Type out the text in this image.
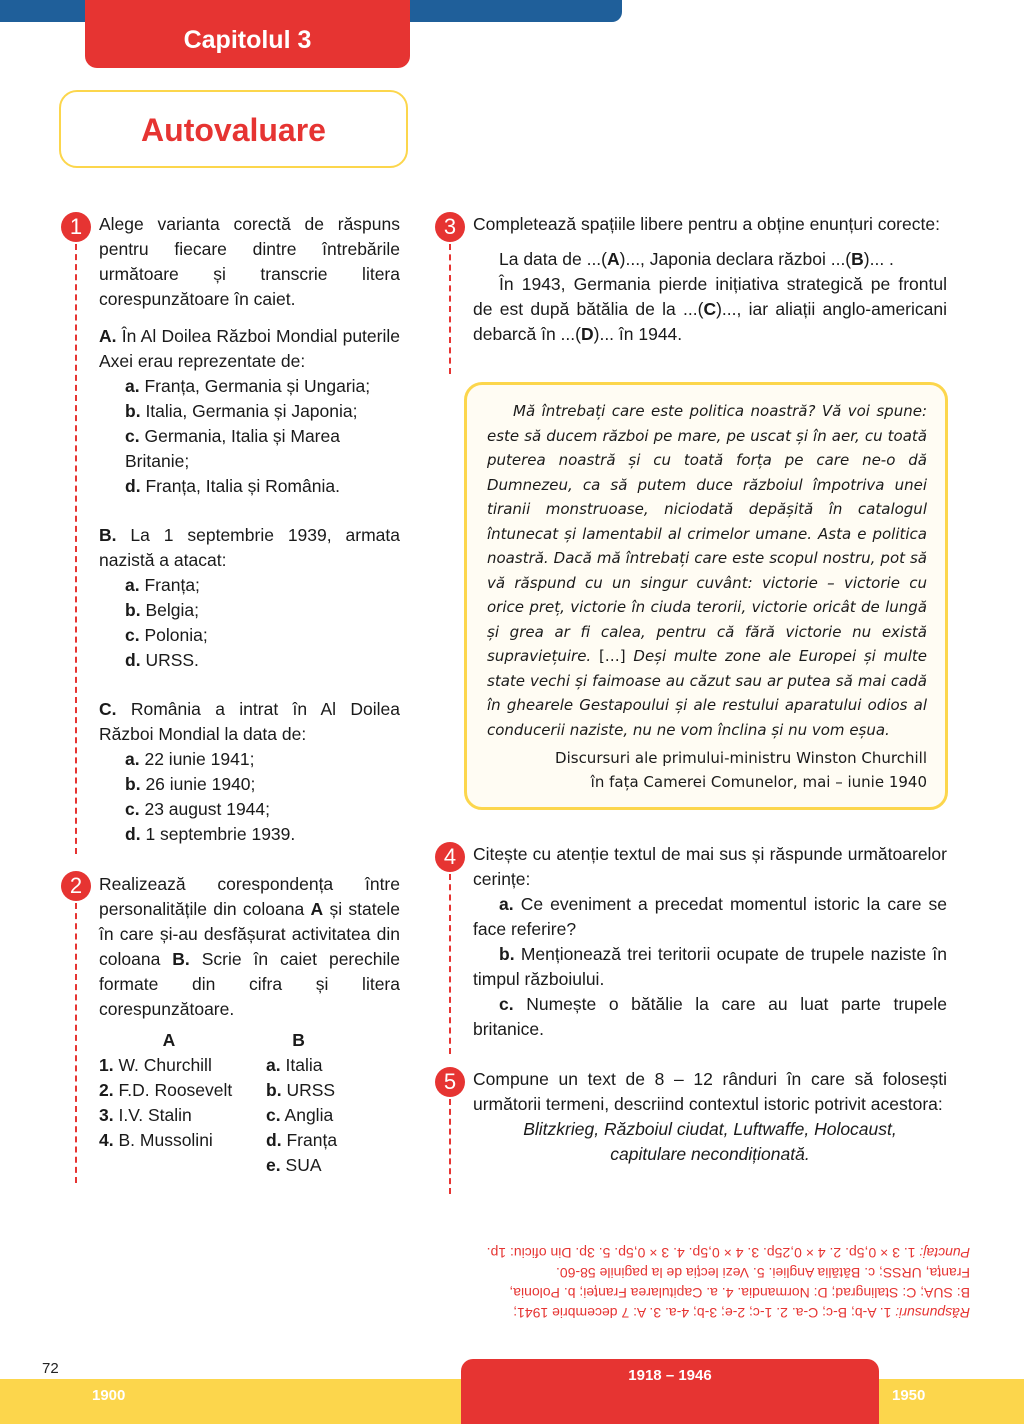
Capitolul 3
Autovaluare
1 Alege varianta corectă de răspuns pentru fiecare dintre întrebările următoare și transcrie litera corespunzătoare în caiet.
A. În Al Doilea Război Mondial puterile Axei erau reprezentate de:
a. Franța, Germania și Ungaria;
b. Italia, Germania și Japonia;
c. Germania, Italia și Marea Britanie;
d. Franța, Italia și România.
B. La 1 septembrie 1939, armata nazistă a atacat:
a. Franța;
b. Belgia;
c. Polonia;
d. URSS.
C. România a intrat în Al Doilea Război Mondial la data de:
a. 22 iunie 1941;
b. 26 iunie 1940;
c. 23 august 1944;
d. 1 septembrie 1939.
2 Realizează corespondența între personalitățile din coloana A și statele în care și-au desfășurat activitatea din coloana B. Scrie în caiet perechile formate din cifra și litera corespunzătoare.
A
1. W. Churchill
2. F.D. Roosevelt
3. I.V. Stalin
4. B. Mussolini
B
a. Italia
b. URSS
c. Anglia
d. Franța
e. SUA
3 Completează spațiile libere pentru a obține enunțuri corecte:
La data de ...(A)..., Japonia declara război ...(B)... .
În 1943, Germania pierde inițiativa strategică pe frontul de est după bătălia de la ...(C)..., iar aliații anglo-americani debarcă în ...(D)... în 1944.
Mă întrebați care este politica noastră? Vă voi spune: este să ducem război pe mare, pe uscat și în aer, cu toată puterea noastră și cu toată forța pe care ne-o dă Dumnezeu, ca să putem duce războiul împotriva unei tiranii monstruoase, niciodată depășită în catalogul întunecat și lamentabil al crimelor umane. Asta e politica noastră. Dacă mă întrebați care este scopul nostru, pot să vă răspund cu un singur cuvânt: victorie – victorie cu orice preț, victorie în ciuda terorii, victorie oricât de lungă și grea ar fi calea, pentru că fără victorie nu există supraviețuire. […] Deși multe zone ale Europei și multe state vechi și faimoase au căzut sau ar putea să mai cadă în ghearele Gestapoului și ale restului aparatului odios al conducerii naziste, nu ne vom înclina și nu vom eșua.
Discursuri ale primului-ministru Winston Churchill
în fața Camerei Comunelor, mai – iunie 1940
4 Citește cu atenție textul de mai sus și răspunde următoarelor cerințe:
a. Ce eveniment a precedat momentul istoric la care se face referire?
b. Menționează trei teritorii ocupate de trupele naziste în timpul războiului.
c. Numește o bătălie la care au luat parte trupele britanice.
5 Compune un text de 8 – 12 rânduri în care să folosești următorii termeni, descriind contextul istoric potrivit acestora:
Blitzkrieg, Războiul ciudat, Luftwaffe, Holocaust,
capitulare necondiționată.
Răspunsuri: 1. A-b; B-c; C-a. 2. 1-c; 2-e; 3-b; 4-a. 3. A: 7 decembrie 1941;
B: SUA; C: Stalingrad; D: Normandia. 4. a. Capitularea Franței; b. Polonia,
Franța, URSS; c. Bătălia Angliei. 5. Vezi lecția de la paginile 58-60.
Punctaj: 1. 3 × 0,5p. 2. 4 × 0,25p. 3. 4 × 0,5p. 4. 3 × 0,5p. 5. 3p. Din oficiu: 1p.
72
1900
1918 – 1946
1950
